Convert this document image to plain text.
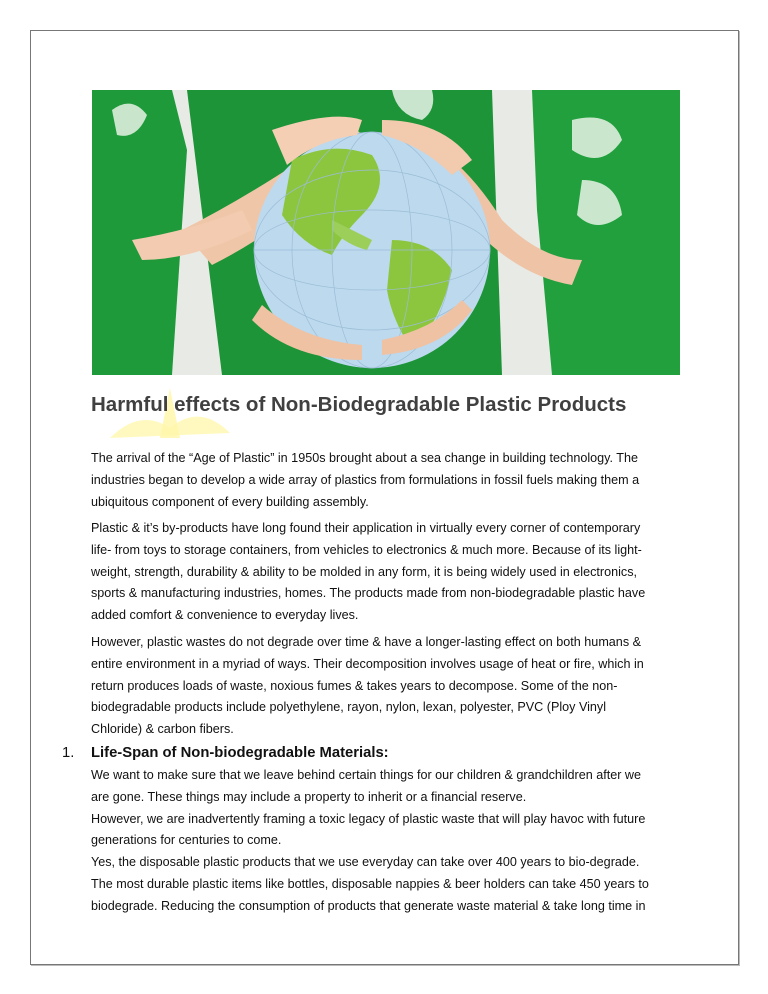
Harmful effects of Non-Biodegradable Plastic Products
The arrival of the “Age of Plastic” in 1950s brought about a sea change in building technology. The
industries began to develop a wide array of plastics from formulations in fossil fuels making them a
ubiquitous component of every building assembly.
Plastic & it’s by-products have long found their application in virtually every corner of contemporary
life- from toys to storage containers, from vehicles to electronics & much more. Because of its light-
weight, strength, durability & ability to be molded in any form, it is being widely used in electronics,
sports & manufacturing industries, homes. The products made from non-biodegradable plastic have
added comfort & convenience to everyday lives.
However, plastic wastes do not degrade over time & have a longer-lasting effect on both humans &
entire environment in a myriad of ways. Their decomposition involves usage of heat or fire, which in
return produces loads of waste, noxious fumes & takes years to decompose. Some of the non-
biodegradable products include polyethylene, rayon, nylon, lexan, polyester, PVC (Ploy Vinyl
Chloride) & carbon fibers.
1. Life-Span of Non-biodegradable Materials:
We want to make sure that we leave behind certain things for our children & grandchildren after we
are gone. These things may include a property to inherit or a financial reserve.
However, we are inadvertently framing a toxic legacy of plastic waste that will play havoc with future
generations for centuries to come.
Yes, the disposable plastic products that we use everyday can take over 400 years to bio-degrade.
The most durable plastic items like bottles, disposable nappies & beer holders can take 450 years to
biodegrade. Reducing the consumption of products that generate waste material & take long time in
